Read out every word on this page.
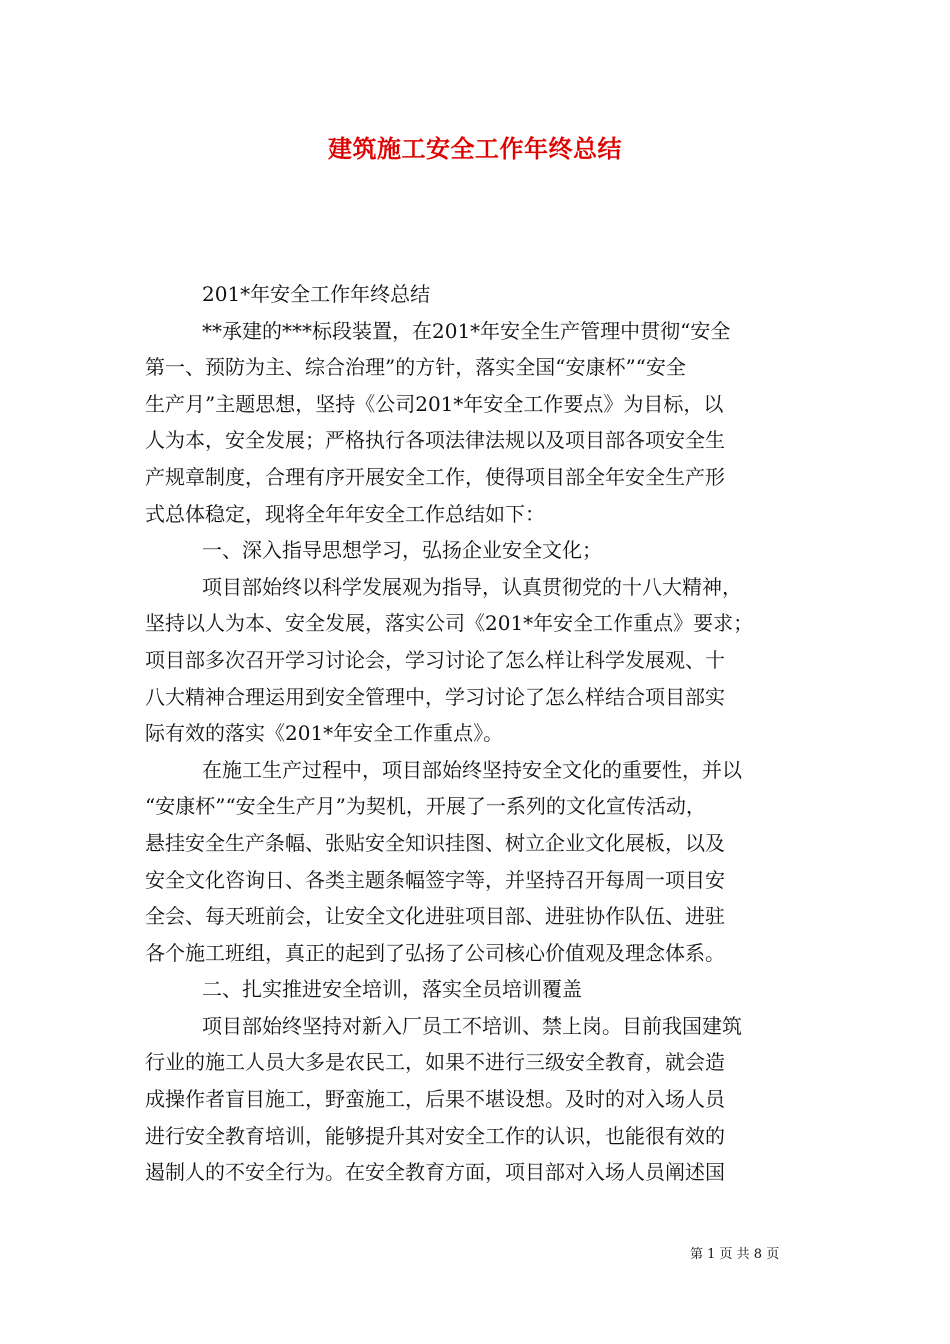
建筑施工安全工作年终总结
201*年安全工作年终总结
**承建的***标段装置，在201*年安全生产管理中贯彻“安全
第一、预防为主、综合治理”的方针，落实全国“安康杯”“安全
生产月”主题思想，坚持《公司201*年安全工作要点》为目标，以
人为本，安全发展；严格执行各项法律法规以及项目部各项安全生
产规章制度，合理有序开展安全工作，使得项目部全年安全生产形
式总体稳定，现将全年年安全工作总结如下：
一、深入指导思想学习，弘扬企业安全文化；
项目部始终以科学发展观为指导，认真贯彻党的十八大精神，
坚持以人为本、安全发展，落实公司《201*年安全工作重点》要求；
项目部多次召开学习讨论会，学习讨论了怎么样让科学发展观、十
八大精神合理运用到安全管理中，学习讨论了怎么样结合项目部实
际有效的落实《201*年安全工作重点》。
在施工生产过程中，项目部始终坚持安全文化的重要性，并以
“安康杯”“安全生产月”为契机，开展了一系列的文化宣传活动，
悬挂安全生产条幅、张贴安全知识挂图、树立企业文化展板，以及
安全文化咨询日、各类主题条幅签字等，并坚持召开每周一项目安
全会、每天班前会，让安全文化进驻项目部、进驻协作队伍、进驻
各个施工班组，真正的起到了弘扬了公司核心价值观及理念体系。
二、扎实推进安全培训，落实全员培训覆盖
项目部始终坚持对新入厂员工不培训、禁上岗。目前我国建筑
行业的施工人员大多是农民工，如果不进行三级安全教育，就会造
成操作者盲目施工，野蛮施工，后果不堪设想。及时的对入场人员
进行安全教育培训，能够提升其对安全工作的认识，也能很有效的
遏制人的不安全行为。在安全教育方面，项目部对入场人员阐述国
第 1 页 共 8 页
